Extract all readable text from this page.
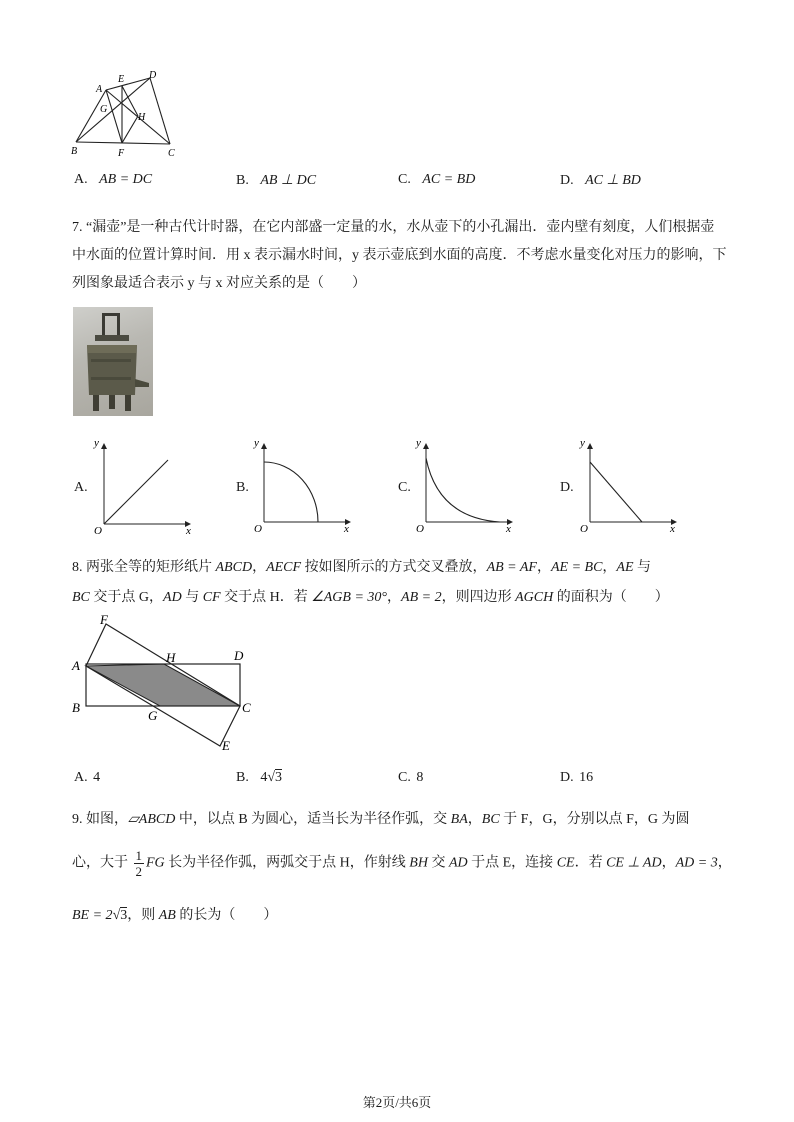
A
E D
G
H
B	F	C
A. AB = DC	B. AB ⊥ DC	C. AC = BD	D. AC ⊥ BD
7. “漏壶”是一种古代计时器，在它内部盛一定量的水，水从壶下的小孔漏出．壶内壁有刻度，人们根据壶
中水面的位置计算时间．用 x 表示漏水时间，y 表示壶底到水面的高度．不考虑水量变化对压力的影响，下
列图象最适合表示 y 与 x 对应关系的是（　　）
A.
y
x
O
B.
y
x
O
C.
y
x
O
D.
y
x
O
8. 两张全等的矩形纸片 ABCD，AECF 按如图所示的方式交叉叠放，AB = AF，AE = BC，AE 与
BC 交于点 G，AD 与 CF 交于点 H．若 ∠AGB = 30°，AB = 2，则四边形 AGCH 的面积为（　　）
F
A
H	D
B
G
C
E
A. 4	B. 4√3	C. 8	D. 16
9. 如图，▱ABCD 中，以点 B 为圆心，适当长为半径作弧，交 BA，BC 于 F，G，分别以点 F，G 为圆
心，大于 $\frac{1}{2}$ FG 长为半径作弧，两弧交于点 H，作射线 BH 交 AD 于点 E，连接 CE．若 CE ⊥ AD，AD = 3，
BE = 2√3，则 AB 的长为（　　）
第2页/共6页
